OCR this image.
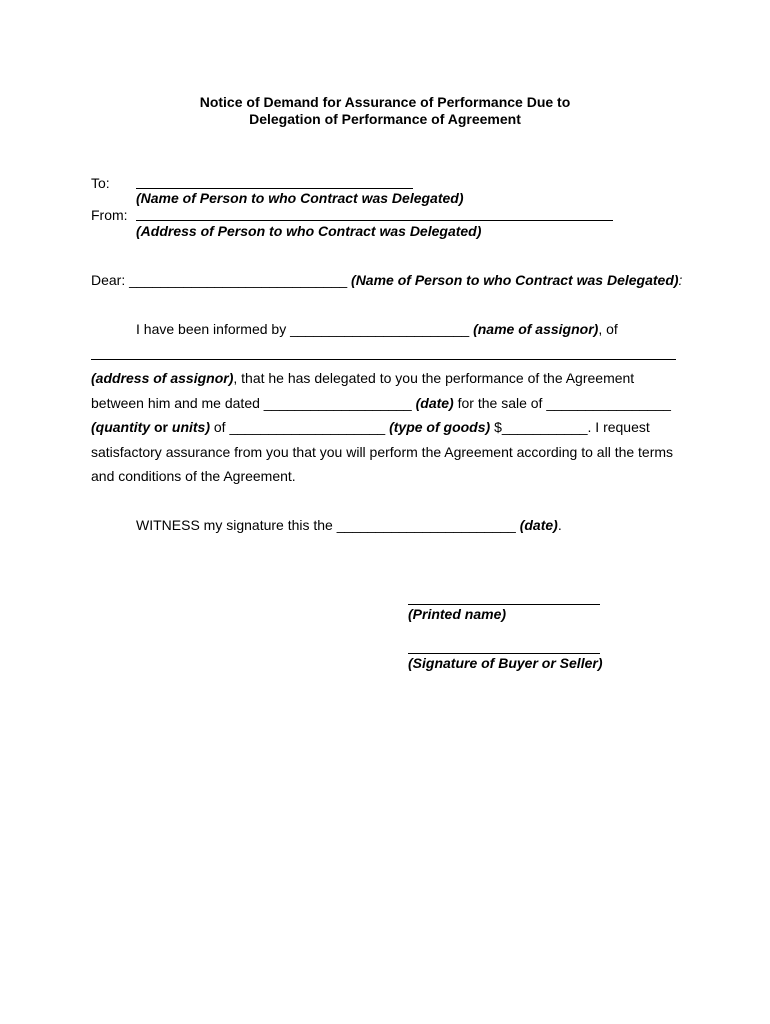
Notice of Demand for Assurance of Performance Due to
Delegation of Performance of Agreement
To:
(Name of Person to who Contract was Delegated)
From:
(Address of Person to who Contract was Delegated)
Dear: ____________________________ (Name of Person to who Contract was Delegated):
I have been informed by _______________________ (name of assignor), of
(address of assignor), that he has delegated to you the performance of the Agreement
between him and me dated ___________________ (date) for the sale of ________________
(quantity or units) of ____________________ (type of goods) $___________. I request
satisfactory assurance from you that you will perform the Agreement according to all the terms
and conditions of the Agreement.
WITNESS my signature this the _______________________ (date).
(Printed name)
(Signature of Buyer or Seller)
